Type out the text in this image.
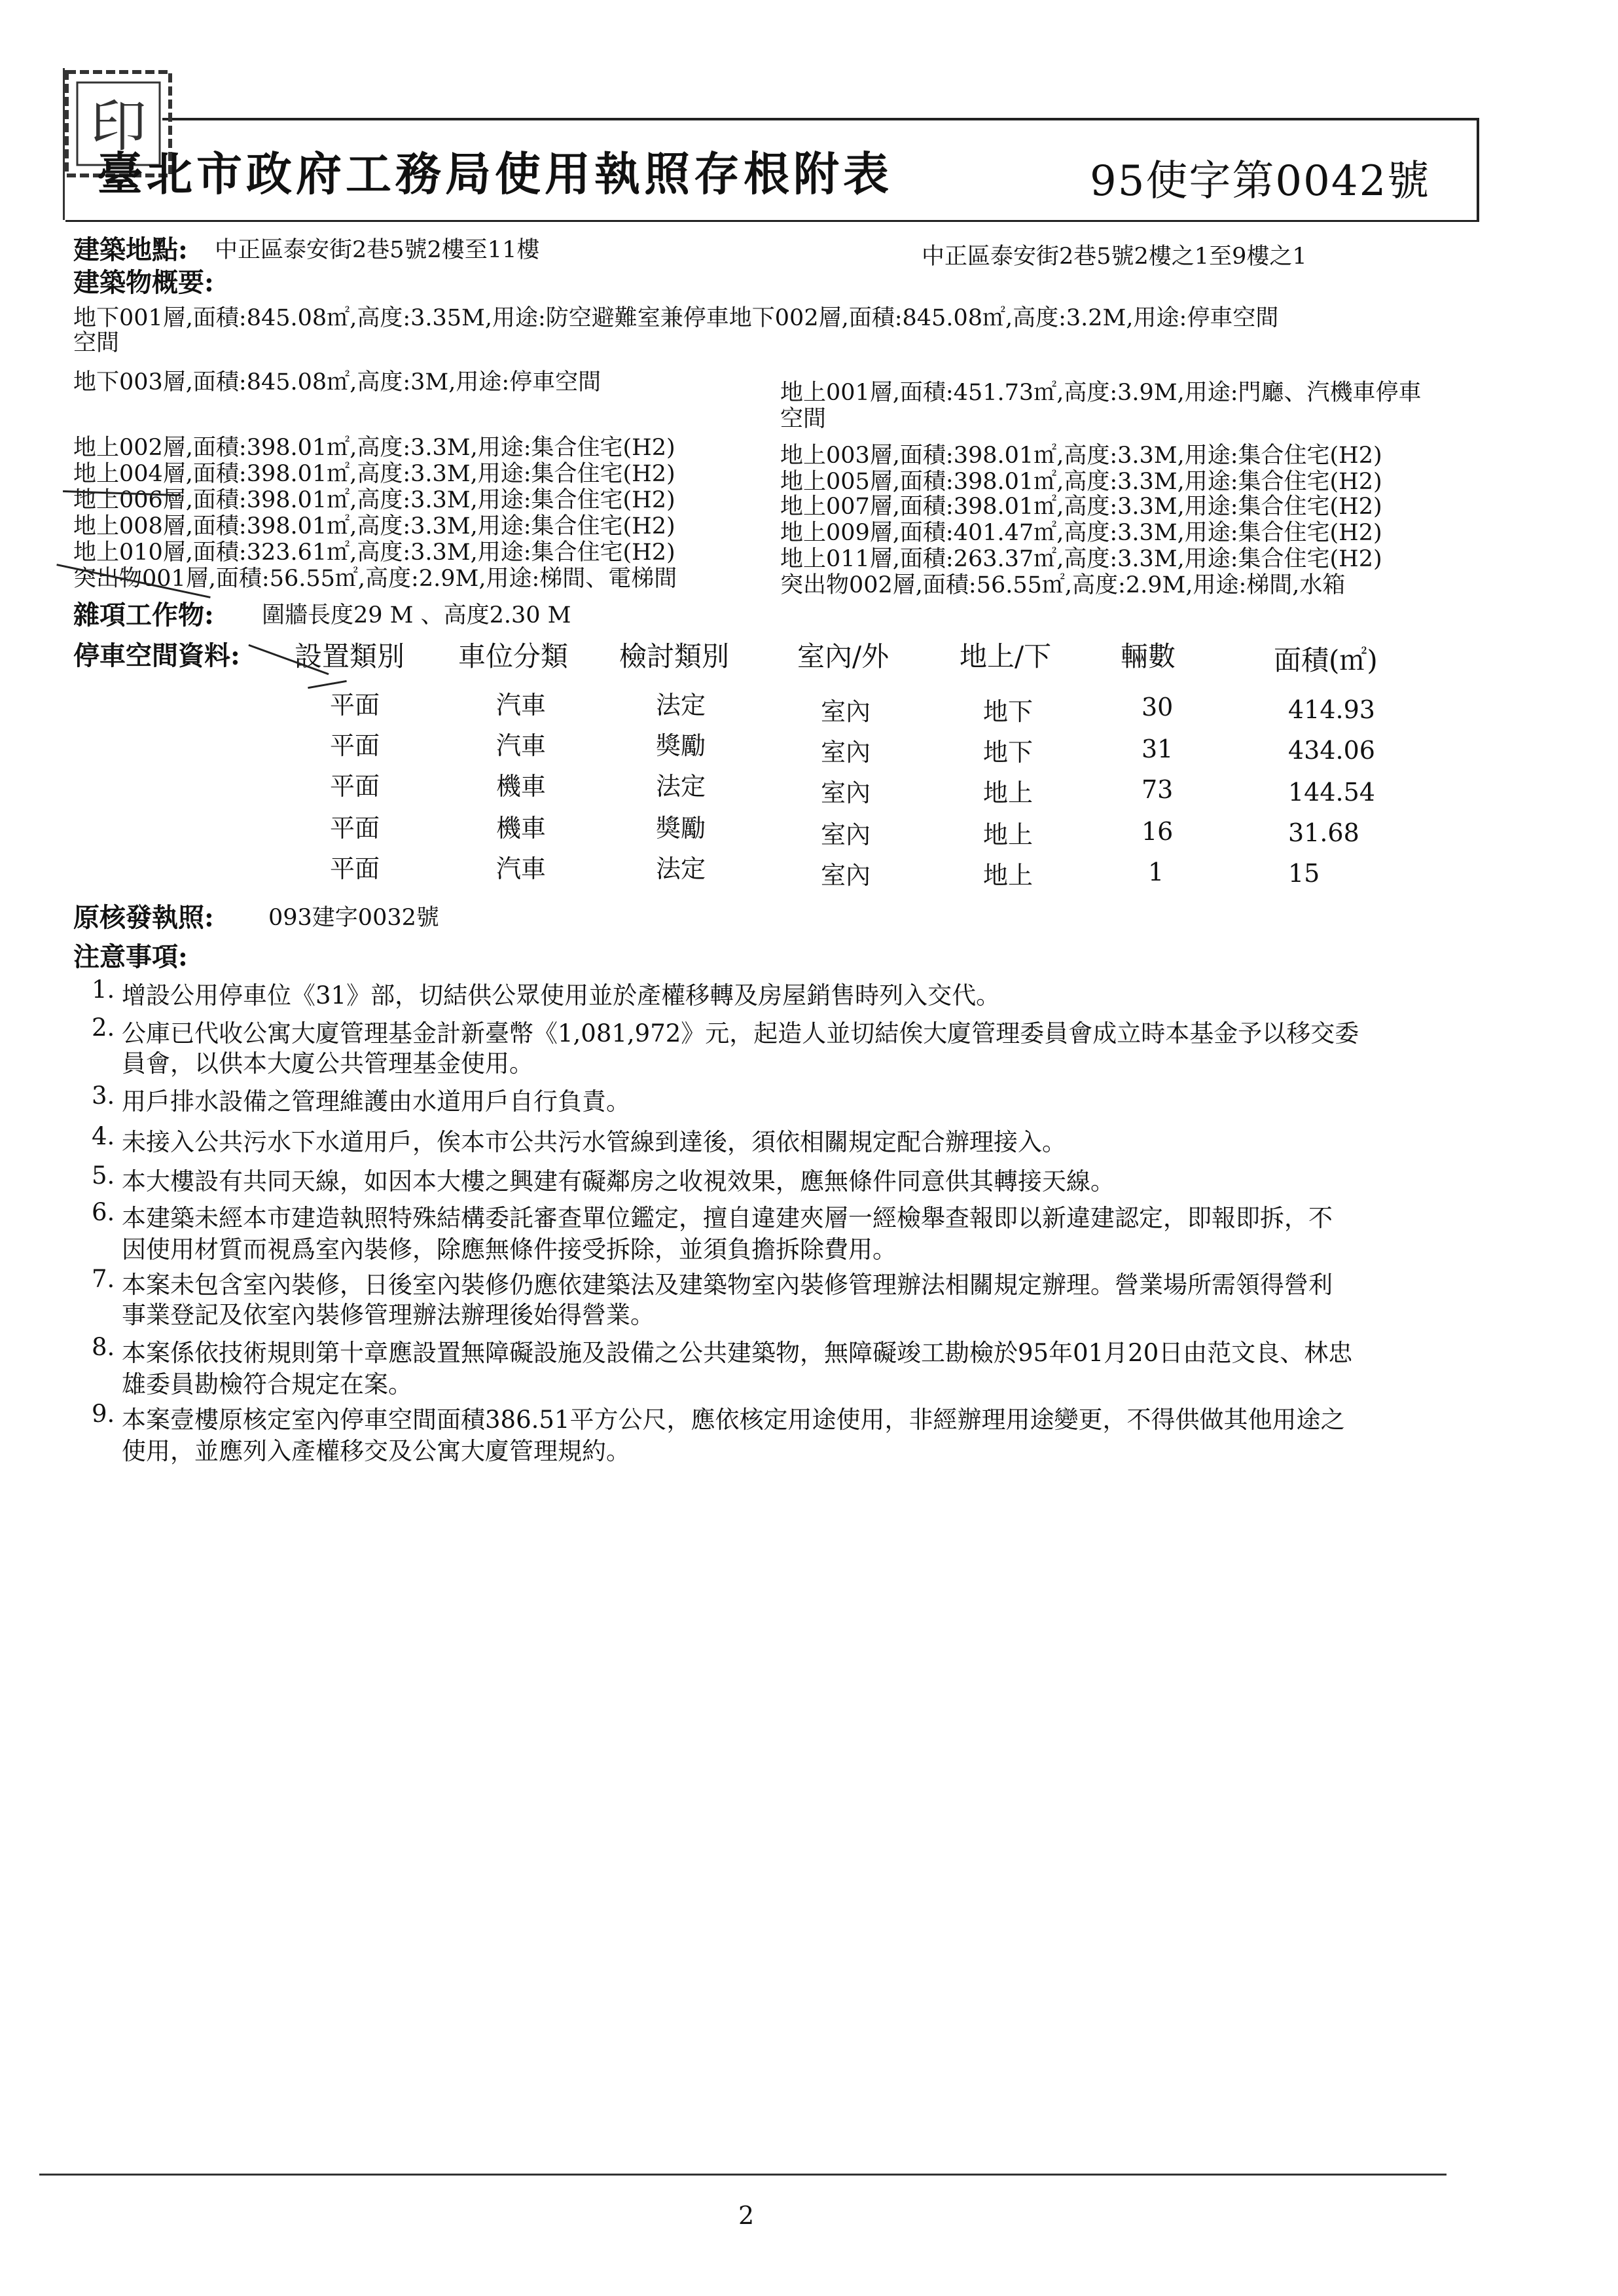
印
臺北市政府工務局使用執照存根附表	95使字第0042號
建築地點: 中正區泰安街2巷5號2樓至11樓	中正區泰安街2巷5號2樓之1至9樓之1
建築物概要:
地下001層,面積:845.08㎡,高度:3.35M,用途:防空避難室兼停車地下002層,面積:845.08㎡,高度:3.2M,用途:停車空間
空間
地下003層,面積:845.08㎡,高度:3M,用途:停車空間	地上001層,面積:451.73㎡,高度:3.9M,用途:門廳、汽機車停車
空間
地上002層,面積:398.01㎡,高度:3.3M,用途:集合住宅(H2)
地上004層,面積:398.01㎡,高度:3.3M,用途:集合住宅(H2)
地上006層,面積:398.01㎡,高度:3.3M,用途:集合住宅(H2)
地上008層,面積:398.01㎡,高度:3.3M,用途:集合住宅(H2)
地上010層,面積:323.61㎡,高度:3.3M,用途:集合住宅(H2)
突出物001層,面積:56.55㎡,高度:2.9M,用途:梯間、電梯間
地上003層,面積:398.01㎡,高度:3.3M,用途:集合住宅(H2)
地上005層,面積:398.01㎡,高度:3.3M,用途:集合住宅(H2)
地上007層,面積:398.01㎡,高度:3.3M,用途:集合住宅(H2)
地上009層,面積:401.47㎡,高度:3.3M,用途:集合住宅(H2)
地上011層,面積:263.37㎡,高度:3.3M,用途:集合住宅(H2)
突出物002層,面積:56.55㎡,高度:2.9M,用途:梯間,水箱
雜項工作物: 圍牆長度29 M 、高度2.30 M
停車空間資料: 設置類別 車位分類 檢討類別 室內/外	地上/下	輛數	面積(㎡)
平面	汽車	法定	室內	地下	30	414.93
平面	汽車	獎勵	室內	地下	31	434.06
平面	機車	法定	室內	地上	73	144.54
平面	機車	獎勵	室內	地上	16	31.68
平面	汽車	法定	室內	地上	1	15
原核發執照: 093建字0032號
注意事項:
1. 增設公用停車位《31》部，切結供公眾使用並於產權移轉及房屋銷售時列入交代。
2. 公庫已代收公寓大廈管理基金計新臺幣《1,081,972》元，起造人並切結俟大廈管理委員會成立時本基金予以移交委
員會，以供本大廈公共管理基金使用。
3. 用戶排水設備之管理維護由水道用戶自行負責。
4. 未接入公共污水下水道用戶，俟本市公共污水管線到達後，須依相關規定配合辦理接入。
5. 本大樓設有共同天線，如因本大樓之興建有礙鄰房之收視效果，應無條件同意供其轉接天線。
6. 本建築未經本市建造執照特殊結構委託審查單位鑑定，擅自違建夾層一經檢舉查報即以新違建認定，即報即拆，不
因使用材質而視爲室內裝修，除應無條件接受拆除，並須負擔拆除費用。
7. 本案未包含室內裝修，日後室內裝修仍應依建築法及建築物室內裝修管理辦法相關規定辦理。營業場所需領得營利
事業登記及依室內裝修管理辦法辦理後始得營業。
8. 本案係依技術規則第十章應設置無障礙設施及設備之公共建築物，無障礙竣工勘檢於95年01月20日由范文良、林忠
雄委員勘檢符合規定在案。
9. 本案壹樓原核定室內停車空間面積386.51平方公尺，應依核定用途使用，非經辦理用途變更，不得供做其他用途之
使用，並應列入產權移交及公寓大廈管理規約。
2
